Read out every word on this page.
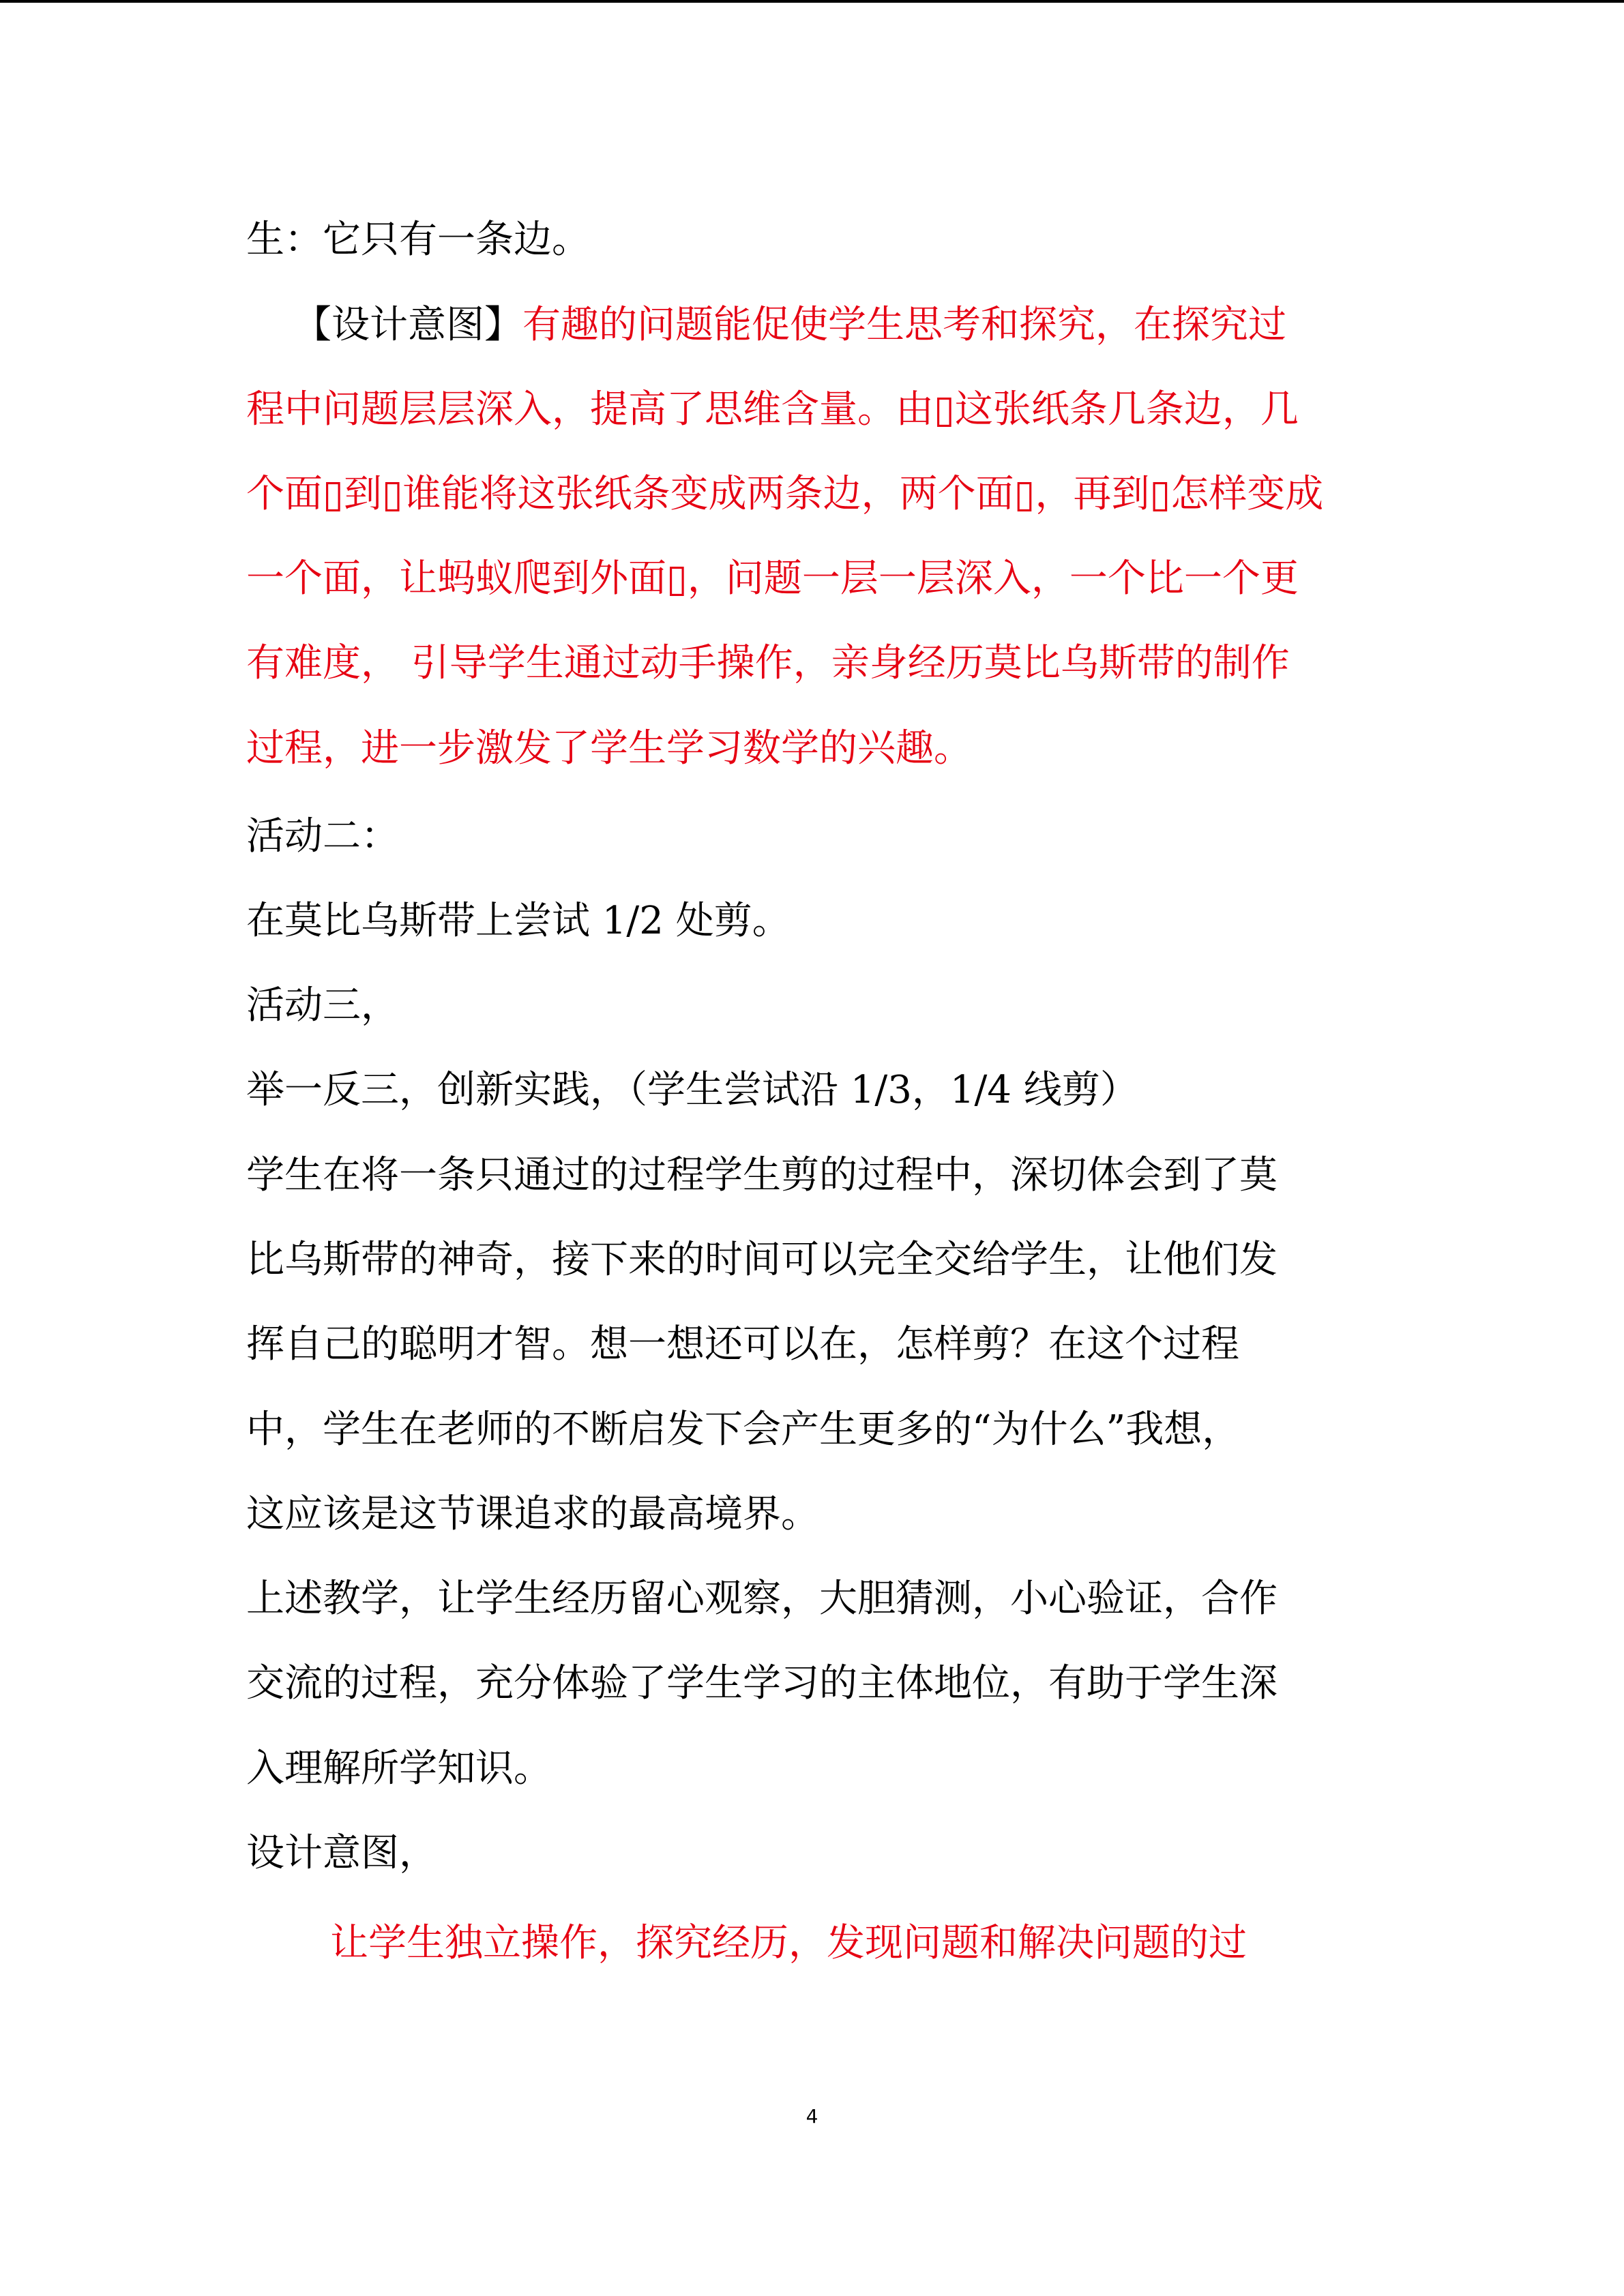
生：它只有一条边。
【设计意图】有趣的问题能促使学生思考和探究，在探究过
程中问题层层深入，提高了思维含量。由▯这张纸条几条边，几
个面▯到▯谁能将这张纸条变成两条边，两个面▯，再到▯怎样变成
一个面，让蚂蚁爬到外面▯，问题一层一层深入，一个比一个更
有难度， 引导学生通过动手操作，亲身经历莫比乌斯带的制作
过程，进一步激发了学生学习数学的兴趣。
活动二：
在莫比乌斯带上尝试 1/2 处剪。
活动三，
举一反三，创新实践，（学生尝试沿 1/3，1/4 线剪）
学生在将一条只通过的过程学生剪的过程中，深切体会到了莫
比乌斯带的神奇，接下来的时间可以完全交给学生，让他们发
挥自己的聪明才智。想一想还可以在，怎样剪？在这个过程
中，学生在老师的不断启发下会产生更多的“为什么”我想，
这应该是这节课追求的最高境界。
上述教学，让学生经历留心观察，大胆猜测，小心验证，合作
交流的过程，充分体验了学生学习的主体地位，有助于学生深
入理解所学知识。
设计意图，
让学生独立操作，探究经历，发现问题和解决问题的过
4
